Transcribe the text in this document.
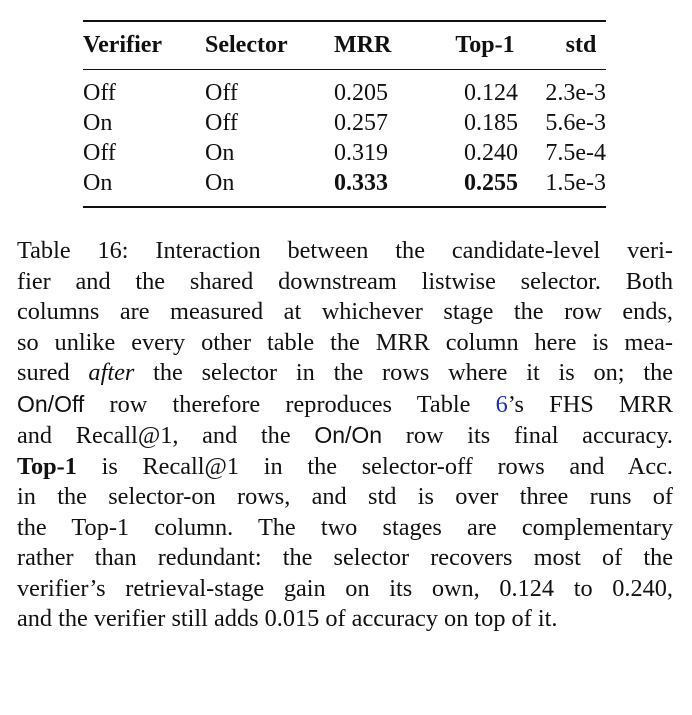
Verifier	Selector	MRR	Top-1	std
Off	Off	0.205	0.124	2.3e-3
On	Off	0.257	0.185	5.6e-3
Off	On	0.319	0.240	7.5e-4
On	On	0.333	0.255	1.5e-3
Table 16: Interaction between the candidate-level veri-
fier and the shared downstream listwise selector. Both
columns are measured at whichever stage the row ends,
so unlike every other table the MRR column here is mea-
sured after the selector in the rows where it is on; the
On/Off row therefore reproduces Table 6’s FHS MRR
and Recall@1, and the On/On row its final accuracy.
Top-1 is Recall@1 in the selector-off rows and Acc.
in the selector-on rows, and std is over three runs of
the Top-1 column. The two stages are complementary
rather than redundant: the selector recovers most of the
verifier’s retrieval-stage gain on its own, 0.124 to 0.240,
and the verifier still adds 0.015 of accuracy on top of it.
